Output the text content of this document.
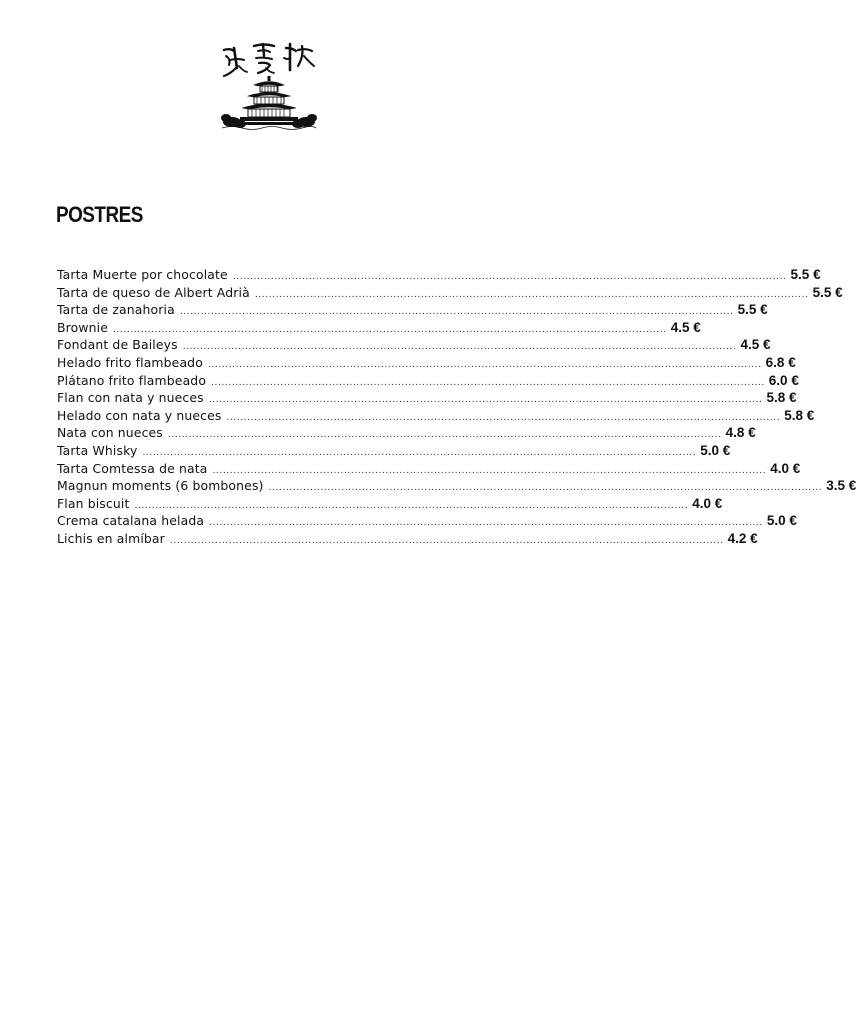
POSTRES
Tarta Muerte por chocolate ................................................................................................................................................................ 5.5 €
Tarta de queso de Albert Adrià ................................................................................................................................................................ 5.5 €
Tarta de zanahoria ................................................................................................................................................................ 5.5 €
Brownie ................................................................................................................................................................ 4.5 €
Fondant de Baileys ................................................................................................................................................................ 4.5 €
Helado frito flambeado ................................................................................................................................................................ 6.8 €
Plátano frito flambeado ................................................................................................................................................................ 6.0 €
Flan con nata y nueces ................................................................................................................................................................ 5.8 €
Helado con nata y nueces ................................................................................................................................................................ 5.8 €
Nata con nueces ................................................................................................................................................................ 4.8 €
Tarta Whisky ................................................................................................................................................................ 5.0 €
Tarta Comtessa de nata ................................................................................................................................................................ 4.0 €
Magnun moments (6 bombones) ................................................................................................................................................................ 3.5 €
Flan biscuit ................................................................................................................................................................ 4.0 €
Crema catalana helada ................................................................................................................................................................ 5.0 €
Lichis en almíbar ................................................................................................................................................................ 4.2 €
